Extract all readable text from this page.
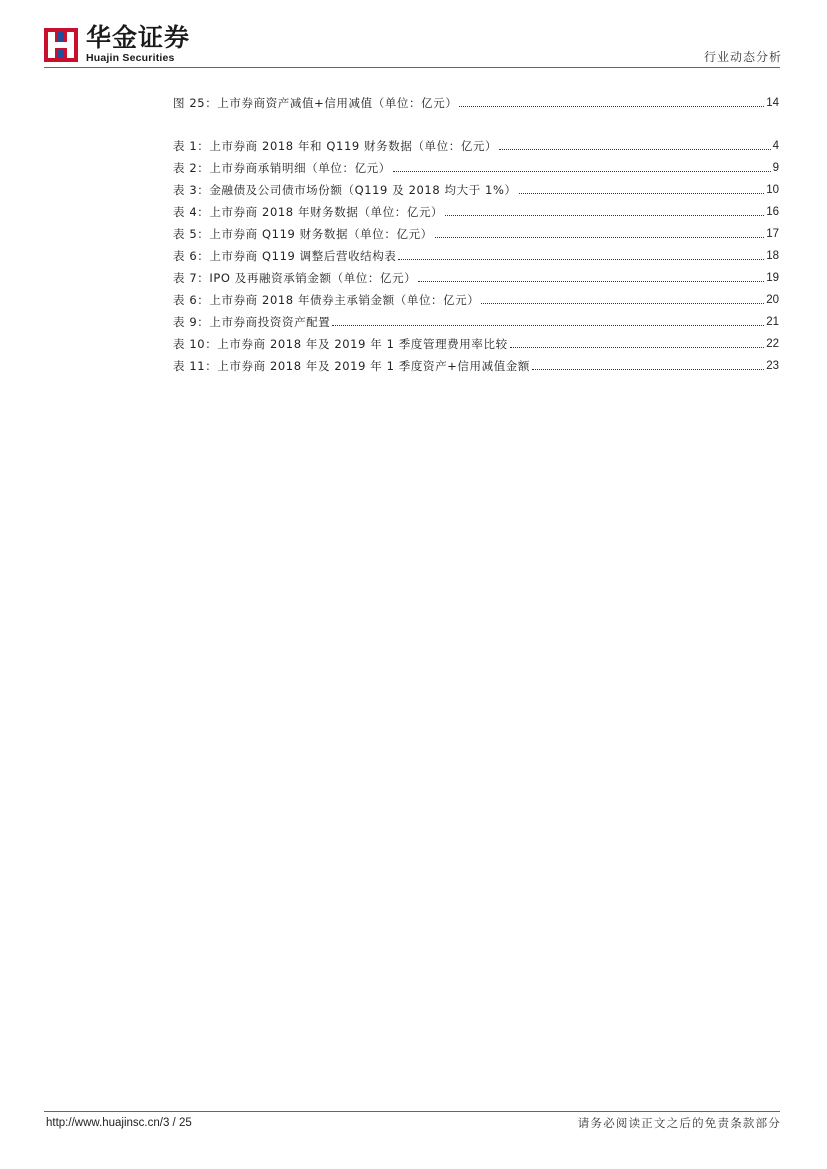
华金证券
Huajin Securities	行业动态分析
图 25：上市券商资产减值+信用减值（单位：亿元）	14
表 1：上市券商 2018 年和 Q119 财务数据（单位：亿元）	4
表 2：上市券商承销明细（单位：亿元）	9
表 3：金融债及公司债市场份额（Q119 及 2018 均大于 1%）	10
表 4：上市券商 2018 年财务数据（单位：亿元）	16
表 5：上市券商 Q119 财务数据（单位：亿元）	17
表 6：上市券商 Q119 调整后营收结构表	18
表 7：IPO 及再融资承销金额（单位：亿元）	19
表 6：上市券商 2018 年债券主承销金额（单位：亿元）	20
表 9：上市券商投资资产配置	21
表 10：上市券商 2018 年及 2019 年 1 季度管理费用率比较	22
表 11：上市券商 2018 年及 2019 年 1 季度资产+信用减值金额	23
http://www.huajinsc.cn/3 / 25	请务必阅读正文之后的免责条款部分
